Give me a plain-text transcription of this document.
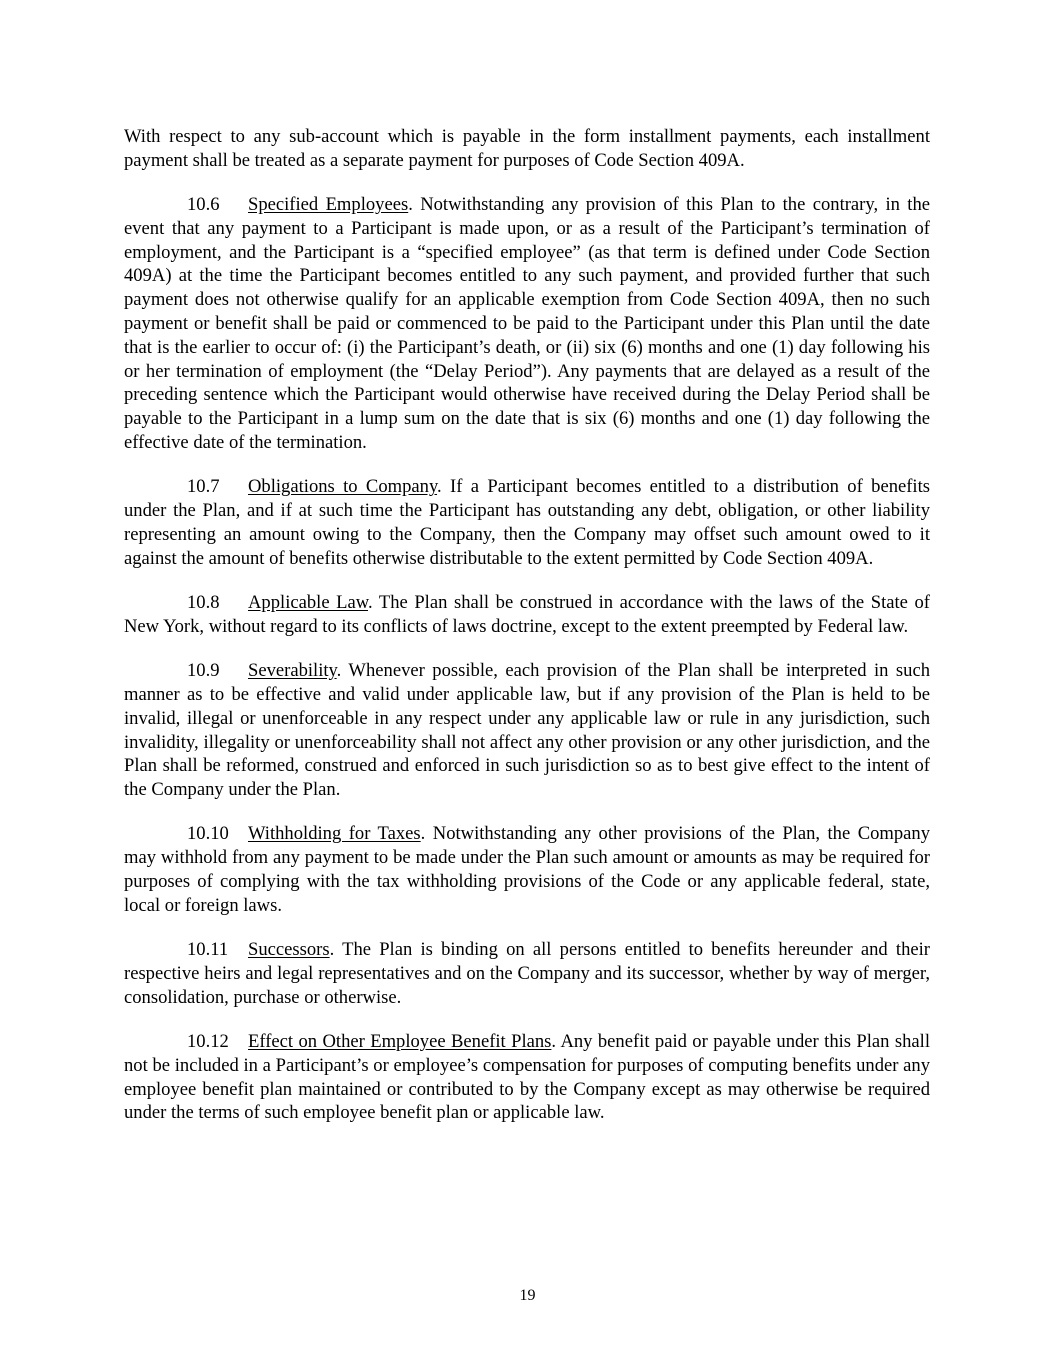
With respect to any sub-account which is payable in the form installment payments, each installment payment shall be treated as a separate payment for purposes of Code Section 409A.

10.6 Specified Employees. Notwithstanding any provision of this Plan to the contrary, in the event that any payment to a Participant is made upon, or as a result of the Participant’s termination of employment, and the Participant is a “specified employee” (as that term is defined under Code Section 409A) at the time the Participant becomes entitled to any such payment, and provided further that such payment does not otherwise qualify for an applicable exemption from Code Section 409A, then no such payment or benefit shall be paid or commenced to be paid to the Participant under this Plan until the date that is the earlier to occur of: (i) the Participant’s death, or (ii) six (6) months and one (1) day following his or her termination of employment (the “Delay Period”). Any payments that are delayed as a result of the preceding sentence which the Participant would otherwise have received during the Delay Period shall be payable to the Participant in a lump sum on the date that is six (6) months and one (1) day following the effective date of the termination.

10.7 Obligations to Company. If a Participant becomes entitled to a distribution of benefits under the Plan, and if at such time the Participant has outstanding any debt, obligation, or other liability representing an amount owing to the Company, then the Company may offset such amount owed to it against the amount of benefits otherwise distributable to the extent permitted by Code Section 409A.

10.8 Applicable Law. The Plan shall be construed in accordance with the laws of the State of New York, without regard to its conflicts of laws doctrine, except to the extent preempted by Federal law.

10.9 Severability. Whenever possible, each provision of the Plan shall be interpreted in such manner as to be effective and valid under applicable law, but if any provision of the Plan is held to be invalid, illegal or unenforceable in any respect under any applicable law or rule in any jurisdiction, such invalidity, illegality or unenforceability shall not affect any other provision or any other jurisdiction, and the Plan shall be reformed, construed and enforced in such jurisdiction so as to best give effect to the intent of the Company under the Plan.

10.10 Withholding for Taxes. Notwithstanding any other provisions of the Plan, the Company may withhold from any payment to be made under the Plan such amount or amounts as may be required for purposes of complying with the tax withholding provisions of the Code or any applicable federal, state, local or foreign laws.

10.11 Successors. The Plan is binding on all persons entitled to benefits hereunder and their respective heirs and legal representatives and on the Company and its successor, whether by way of merger, consolidation, purchase or otherwise.

10.12 Effect on Other Employee Benefit Plans. Any benefit paid or payable under this Plan shall not be included in a Participant’s or employee’s compensation for purposes of computing benefits under any employee benefit plan maintained or contributed to by the Company except as may otherwise be required under the terms of such employee benefit plan or applicable law.

19
